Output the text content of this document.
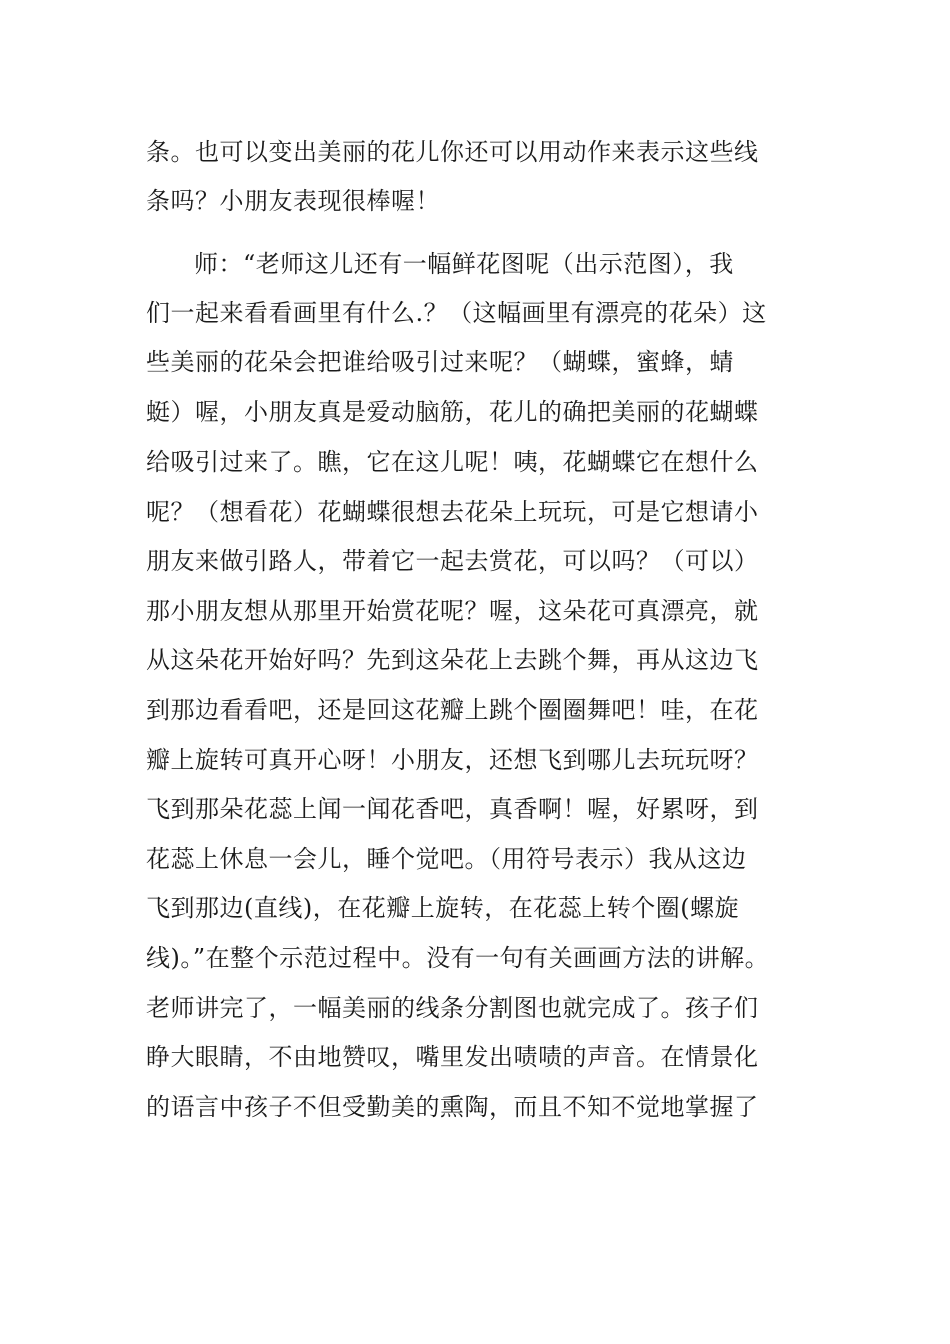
条。也可以变出美丽的花儿你还可以用动作来表示这些线
条吗？小朋友表现很棒喔！
师：“老师这儿还有一幅鲜花图呢（出示范图），我
们一起来看看画里有什么.？（这幅画里有漂亮的花朵）这
些美丽的花朵会把谁给吸引过来呢？（蝴蝶，蜜蜂，蜻
蜓）喔，小朋友真是爱动脑筋，花儿的确把美丽的花蝴蝶
给吸引过来了。瞧，它在这儿呢！咦，花蝴蝶它在想什么
呢？（想看花）花蝴蝶很想去花朵上玩玩，可是它想请小
朋友来做引路人，带着它一起去赏花，可以吗？（可以）
那小朋友想从那里开始赏花呢？喔，这朵花可真漂亮，就
从这朵花开始好吗？先到这朵花上去跳个舞，再从这边飞
到那边看看吧，还是回这花瓣上跳个圈圈舞吧！哇，在花
瓣上旋转可真开心呀！小朋友，还想飞到哪儿去玩玩呀？
飞到那朵花蕊上闻一闻花香吧，真香啊！喔，好累呀，到
花蕊上休息一会儿，睡个觉吧。（用符号表示）我从这边
飞到那边(直线)，在花瓣上旋转，在花蕊上转个圈(螺旋
线)。”在整个示范过程中。没有一句有关画画方法的讲解。
老师讲完了，一幅美丽的线条分割图也就完成了。孩子们
睁大眼睛，不由地赞叹，嘴里发出啧啧的声音。在情景化
的语言中孩子不但受勤美的熏陶，而且不知不觉地掌握了
